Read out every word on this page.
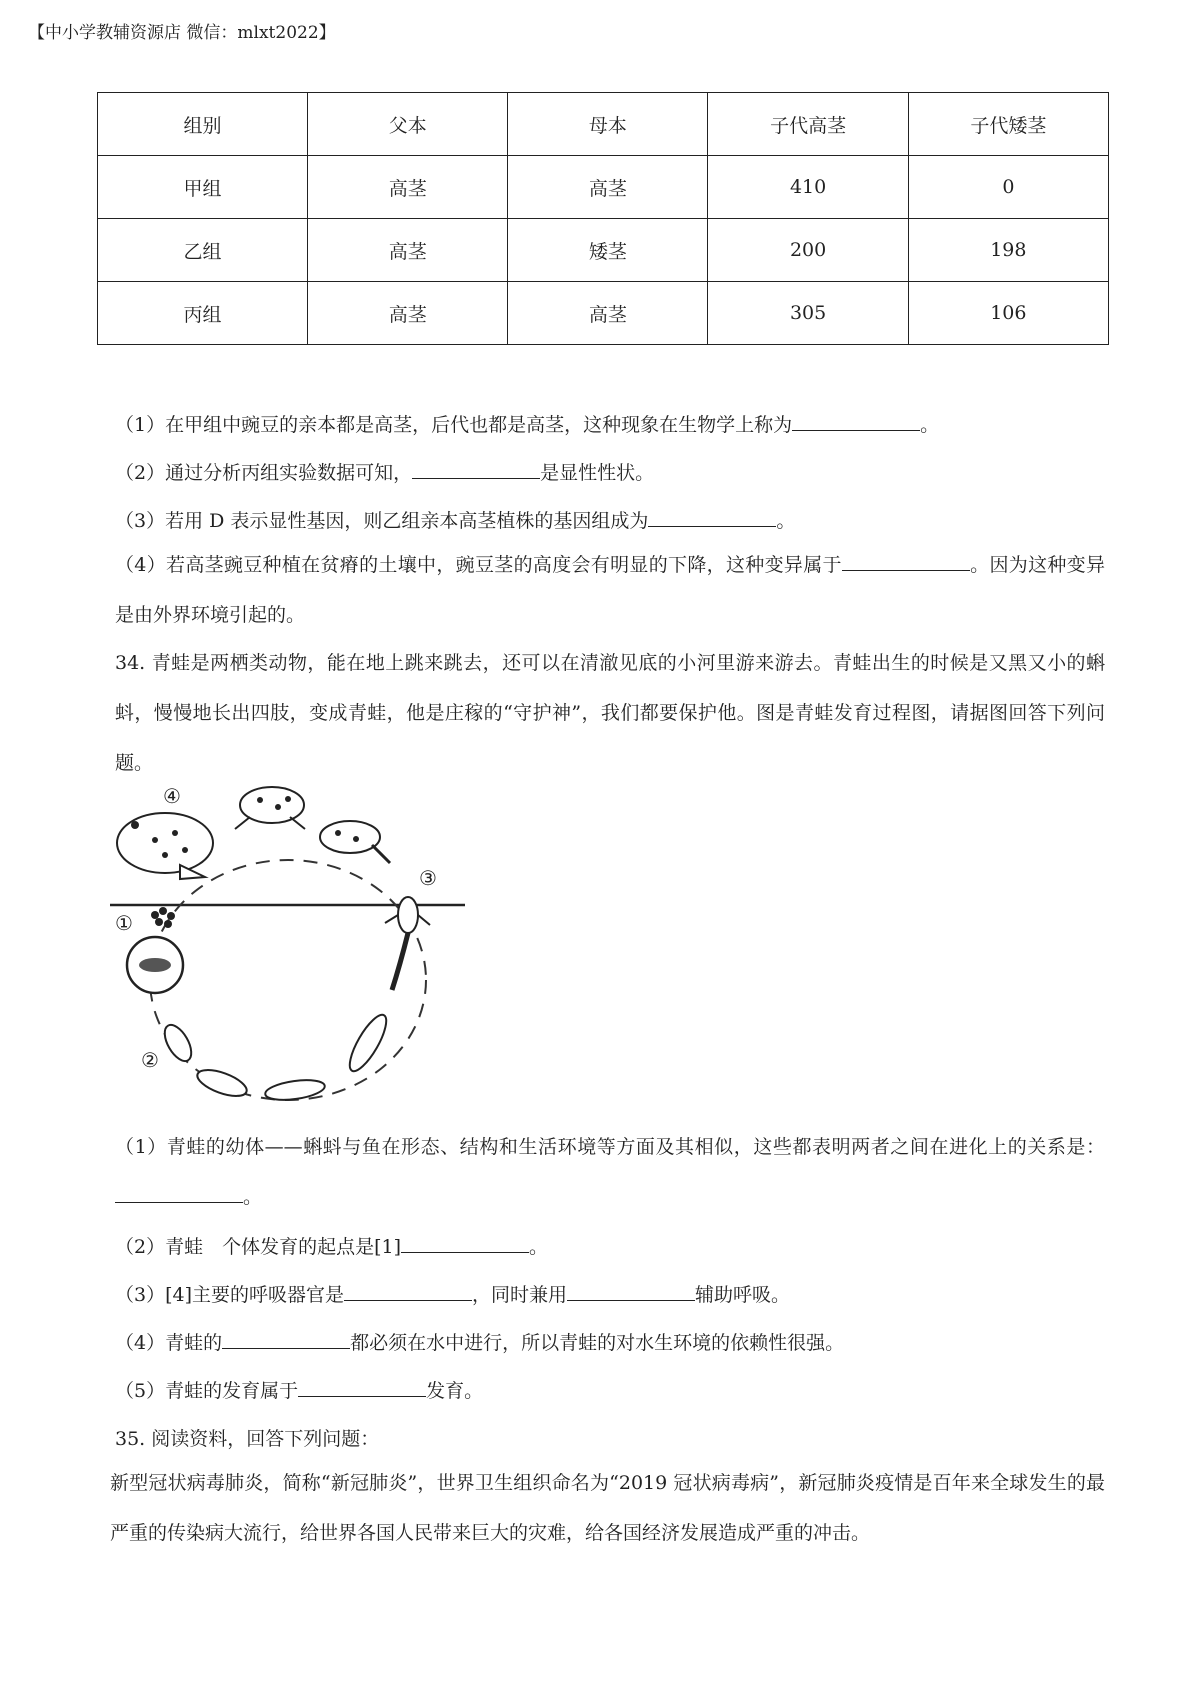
【中小学教辅资源店 微信：mlxt2022】
组别	父本	母本	子代高茎	子代矮茎
甲组	高茎	高茎	410	0
乙组	高茎	矮茎	200	198
丙组	高茎	高茎	305	106
（1）在甲组中豌豆的亲本都是高茎，后代也都是高茎，这种现象在生物学上称为	。
（2）通过分析丙组实验数据可知，	是显性性状。
（3）若用 D 表示显性基因，则乙组亲本高茎植株的基因组成为	。
（4）若高茎豌豆种植在贫瘠的土壤中，豌豆茎的高度会有明显的下降，这种变异属于	。因为这种变异是由外界环境引起的。
34. 青蛙是两栖类动物，能在地上跳来跳去，还可以在清澈见底的小河里游来游去。青蛙出生的时候是又黑又小的蝌蚪，慢慢地长出四肢，变成青蛙，他是庄稼的“守护神”，我们都要保护他。图是青蛙发育过程图，请据图回答下列问题。
④
③
①
②
（1）青蛙的幼体——蝌蚪与鱼在形态、结构和生活环境等方面及其相似，这些都表明两者之间在进化上的关系是：。
（2）青蛙　个体发育的起点是[1]	。
（3）[4]主要的呼吸器官是	，同时兼用	辅助呼吸。
（4）青蛙的	都必须在水中进行，所以青蛙的对水生环境的依赖性很强。
（5）青蛙的发育属于	发育。
35. 阅读资料，回答下列问题：
新型冠状病毒肺炎，简称“新冠肺炎”，世界卫生组织命名为“2019 冠状病毒病”，新冠肺炎疫情是百年来全球发生的最严重的传染病大流行，给世界各国人民带来巨大的灾难，给各国经济发展造成严重的冲击。
